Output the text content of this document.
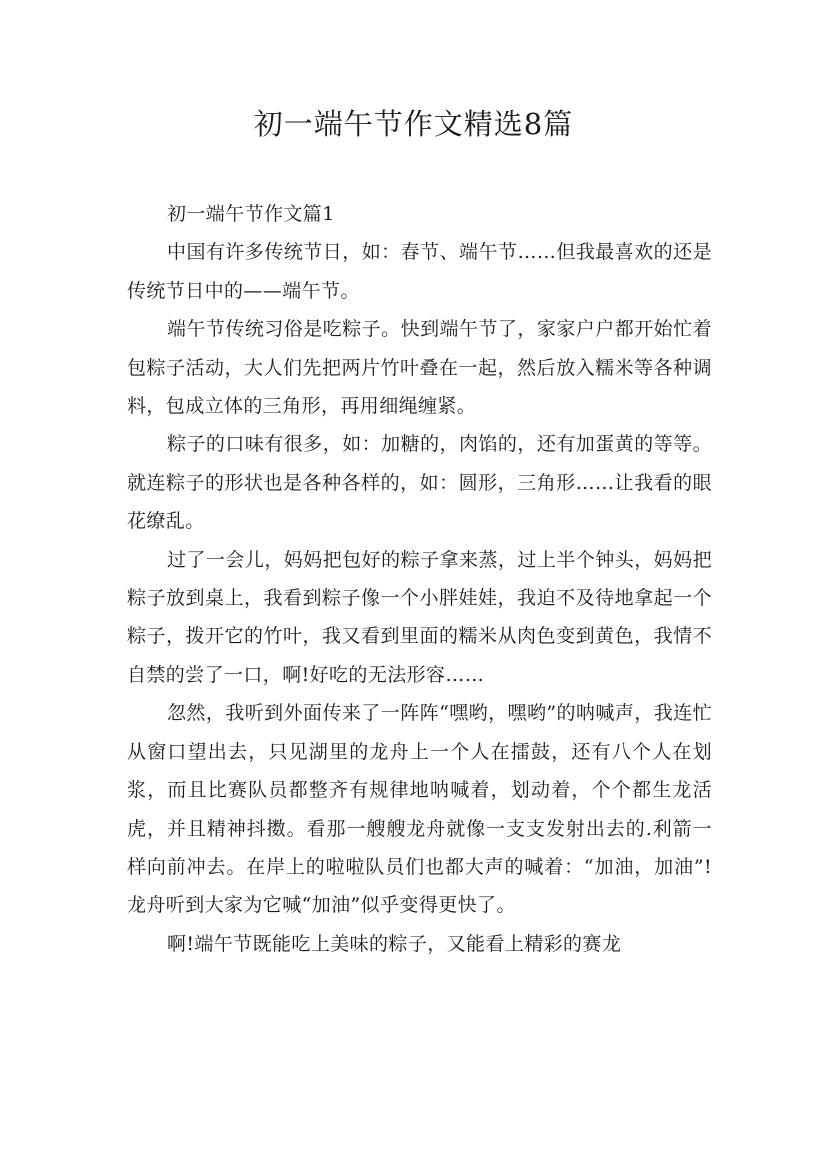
初一端午节作文精选8篇

初一端午节作文篇1

中国有许多传统节日，如：春节、端午节……但我最喜欢的还是传统节日中的——端午节。

端午节传统习俗是吃粽子。快到端午节了，家家户户都开始忙着包粽子活动，大人们先把两片竹叶叠在一起，然后放入糯米等各种调料，包成立体的三角形，再用细绳缠紧。

粽子的口味有很多，如：加糖的，肉馅的，还有加蛋黄的等等。就连粽子的形状也是各种各样的，如：圆形，三角形……让我看的眼花缭乱。

过了一会儿，妈妈把包好的粽子拿来蒸，过上半个钟头，妈妈把粽子放到桌上，我看到粽子像一个小胖娃娃，我迫不及待地拿起一个粽子，拨开它的竹叶，我又看到里面的糯米从肉色变到黄色，我情不自禁的尝了一口，啊!好吃的无法形容……

忽然，我听到外面传来了一阵阵“嘿哟，嘿哟”的呐喊声，我连忙从窗口望出去，只见湖里的龙舟上一个人在擂鼓，还有八个人在划浆，而且比赛队员都整齐有规律地呐喊着，划动着，个个都生龙活虎，并且精神抖擞。看那一艘艘龙舟就像一支支发射出去的.利箭一样向前冲去。在岸上的啦啦队员们也都大声的喊着：“加油，加油”!龙舟听到大家为它喊“加油”似乎变得更快了。

啊!端午节既能吃上美味的粽子，又能看上精彩的赛龙
